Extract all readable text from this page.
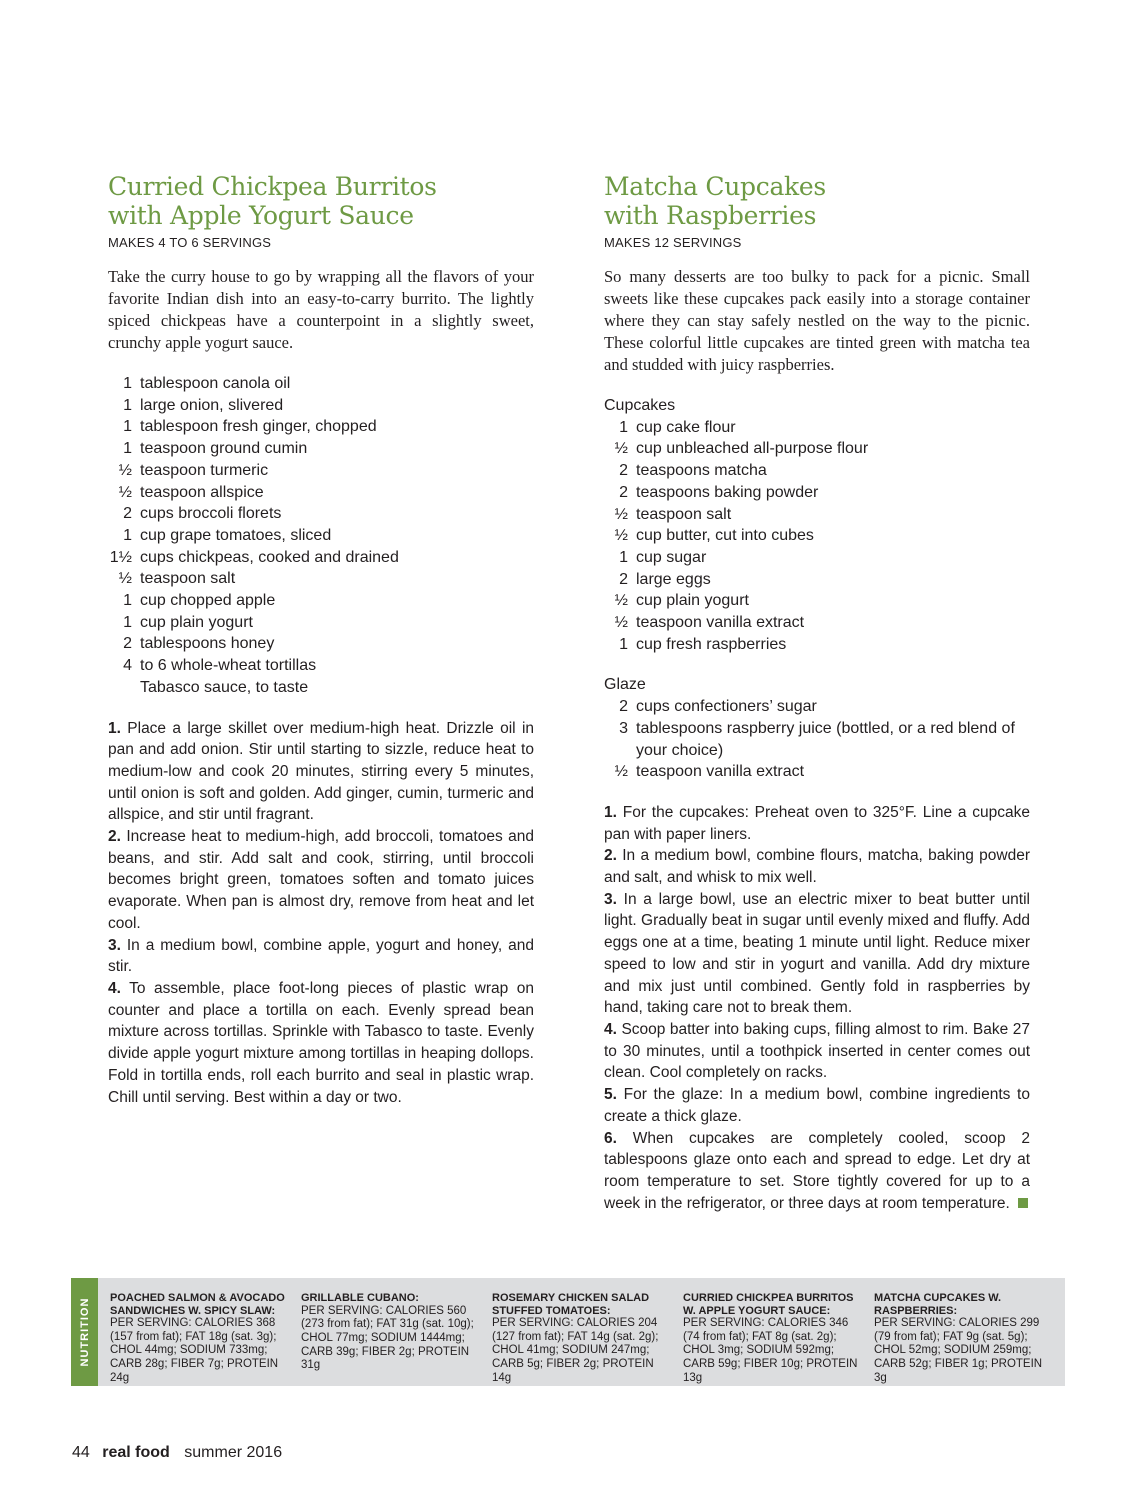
Curried Chickpea Burritos
with Apple Yogurt Sauce
MAKES 4 TO 6 SERVINGS

Take the curry house to go by wrapping all the flavors of your favorite Indian dish into an easy-to-carry burrito. The lightly spiced chickpeas have a counterpoint in a slightly sweet, crunchy apple yogurt sauce.

1 tablespoon canola oil
1 large onion, slivered
1 tablespoon fresh ginger, chopped
1 teaspoon ground cumin
½ teaspoon turmeric
½ teaspoon allspice
2 cups broccoli florets
1 cup grape tomatoes, sliced
1½ cups chickpeas, cooked and drained
½ teaspoon salt
1 cup chopped apple
1 cup plain yogurt
2 tablespoons honey
4 to 6 whole-wheat tortillas
Tabasco sauce, to taste

1. Place a large skillet over medium-high heat. Drizzle oil in pan and add onion. Stir until starting to sizzle, reduce heat to medium-low and cook 20 minutes, stirring every 5 minutes, until onion is soft and golden. Add ginger, cumin, turmeric and allspice, and stir until fragrant.

2. Increase heat to medium-high, add broccoli, tomatoes and beans, and stir. Add salt and cook, stirring, until broccoli becomes bright green, tomatoes soften and tomato juices evaporate. When pan is almost dry, remove from heat and let cool.

3. In a medium bowl, combine apple, yogurt and honey, and stir.

4. To assemble, place foot-long pieces of plastic wrap on counter and place a tortilla on each. Evenly spread bean mixture across tortillas. Sprinkle with Tabasco to taste. Evenly divide apple yogurt mixture among tortillas in heaping dollops. Fold in tortilla ends, roll each burrito and seal in plastic wrap. Chill until serving. Best within a day or two.

Matcha Cupcakes
with Raspberries
MAKES 12 SERVINGS

So many desserts are too bulky to pack for a picnic. Small sweets like these cupcakes pack easily into a storage container where they can stay safely nestled on the way to the picnic. These colorful little cupcakes are tinted green with matcha tea and studded with juicy raspberries.

Cupcakes
1 cup cake flour
½ cup unbleached all-purpose flour
2 teaspoons matcha
2 teaspoons baking powder
½ teaspoon salt
½ cup butter, cut into cubes
1 cup sugar
2 large eggs
½ cup plain yogurt
½ teaspoon vanilla extract
1 cup fresh raspberries
Glaze
2 cups confectioners’ sugar
3 tablespoons raspberry juice (bottled, or a red blend of your choice)
½ teaspoon vanilla extract

1. For the cupcakes: Preheat oven to 325°F. Line a cupcake pan with paper liners.

2. In a medium bowl, combine flours, matcha, baking powder and salt, and whisk to mix well.

3. In a large bowl, use an electric mixer to beat butter until light. Gradually beat in sugar until evenly mixed and fluffy. Add eggs one at a time, beating 1 minute until light. Reduce mixer speed to low and stir in yogurt and vanilla. Add dry mixture and mix just until combined. Gently fold in raspberries by hand, taking care not to break them.

4. Scoop batter into baking cups, filling almost to rim. Bake 27 to 30 minutes, until a toothpick inserted in center comes out clean. Cool completely on racks.

5. For the glaze: In a medium bowl, combine ingredients to create a thick glaze.

6. When cupcakes are completely cooled, scoop 2 tablespoons glaze onto each and spread to edge. Let dry at room temperature to set. Store tightly covered for up to a week in the refrigerator, or three days at room temperature.

NUTRITION POACHED SALMON & AVOCADO SANDWICHES W. SPICY SLAW:
PER SERVING: CALORIES 368 (157 from fat); FAT 18g (sat. 3g); CHOL 44mg; SODIUM 733mg; CARB 28g; FIBER 7g; PROTEIN 24g
GRILLABLE CUBANO:
PER SERVING: CALORIES 560 (273 from fat); FAT 31g (sat. 10g); CHOL 77mg; SODIUM 1444mg; CARB 39g; FIBER 2g; PROTEIN 31g
ROSEMARY CHICKEN SALAD STUFFED TOMATOES:
PER SERVING: CALORIES 204 (127 from fat); FAT 14g (sat. 2g); CHOL 41mg; SODIUM 247mg; CARB 5g; FIBER 2g; PROTEIN 14g
CURRIED CHICKPEA BURRITOS W. APPLE YOGURT SAUCE:
PER SERVING: CALORIES 346 (74 from fat); FAT 8g (sat. 2g); CHOL 3mg; SODIUM 592mg; CARB 59g; FIBER 10g; PROTEIN 13g
MATCHA CUPCAKES W. RASPBERRIES:
PER SERVING: CALORIES 299 (79 from fat); FAT 9g (sat. 5g); CHOL 52mg; SODIUM 259mg; CARB 52g; FIBER 1g; PROTEIN 3g
44 real food summer 2016
